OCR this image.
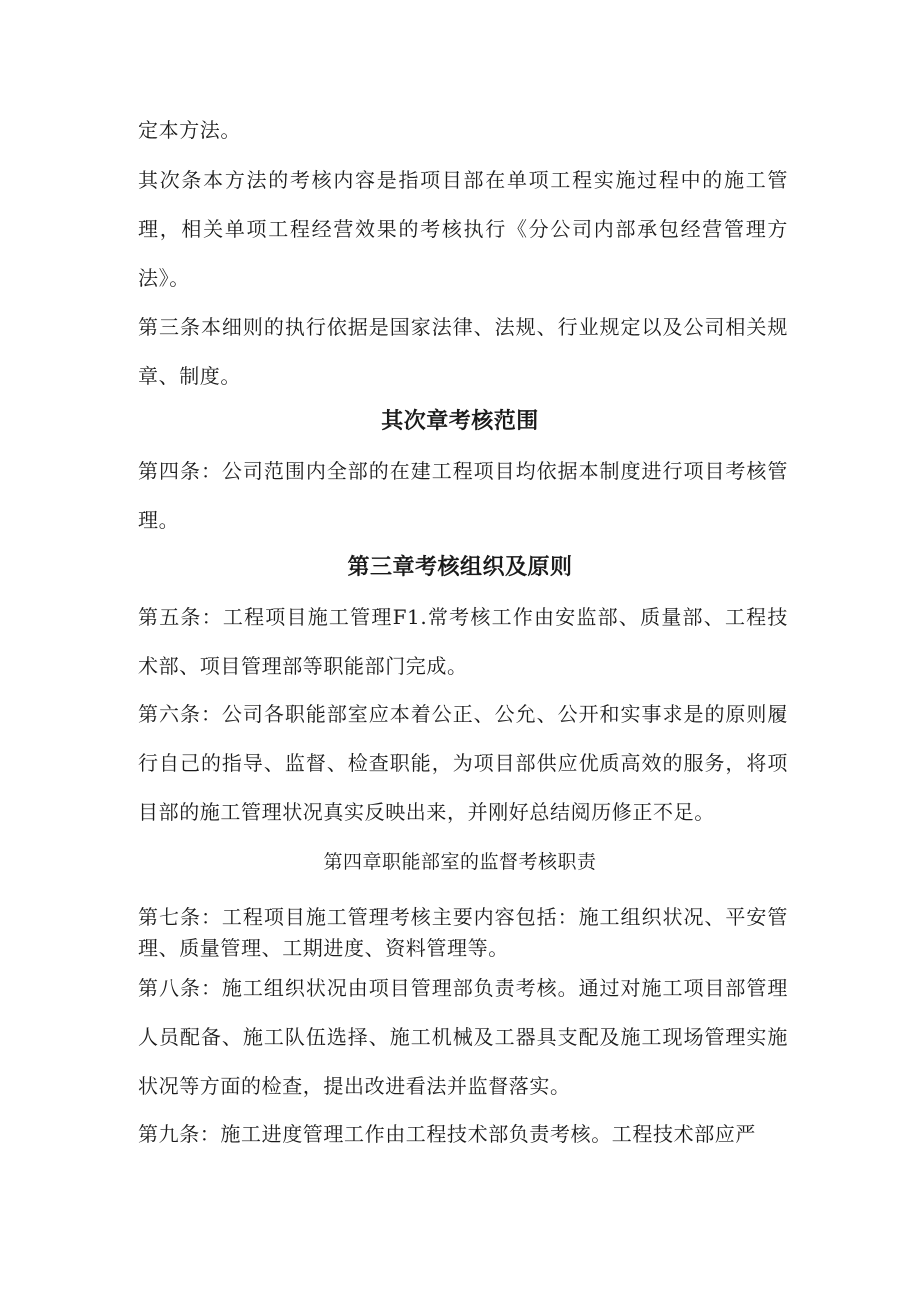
定本方法。
其次条本方法的考核内容是指项目部在单项工程实施过程中的施工管理，相关单项工程经营效果的考核执行《分公司内部承包经营管理方法》。
第三条本细则的执行依据是国家法律、法规、行业规定以及公司相关规章、制度。
其次章考核范围
第四条：公司范围内全部的在建工程项目均依据本制度进行项目考核管理。
第三章考核组织及原则
第五条：工程项目施工管理F1.常考核工作由安监部、质量部、工程技术部、项目管理部等职能部门完成。
第六条：公司各职能部室应本着公正、公允、公开和实事求是的原则履行自己的指导、监督、检查职能，为项目部供应优质高效的服务，将项目部的施工管理状况真实反映出来，并刚好总结阅历修正不足。
第四章职能部室的监督考核职责
第七条：工程项目施工管理考核主要内容包括：施工组织状况、平安管理、质量管理、工期进度、资料管理等。
第八条：施工组织状况由项目管理部负责考核。通过对施工项目部管理人员配备、施工队伍选择、施工机械及工器具支配及施工现场管理实施状况等方面的检查，提出改进看法并监督落实。
第九条：施工进度管理工作由工程技术部负责考核。工程技术部应严
